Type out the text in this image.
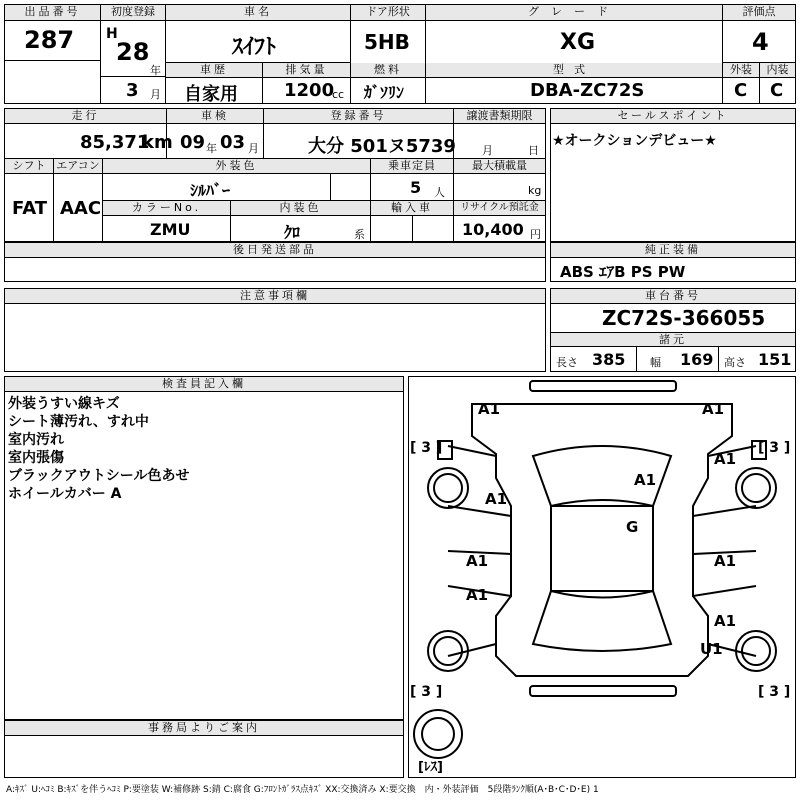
出品番号
287
初度登録
H
28
年
3 月
車名
ｽｲﾌﾄ
車歴	排気量
自家用	1200
cc
ドア形状
5HB
燃料
ｶﾞｿﾘﾝ
グレード
XG
型式
DBA-ZC72S
評価点
4
外装	内装
C C
走行
85,371
km
車検
09 年 03 月
登録番号
大分 501ヌ5739
譲渡書類期限
月	日
シフト
FAT
エアコン
AAC
外装色
ｼﾙﾊﾞｰ
乗車定員
5 人
最大積載量
kg
カラーNo.
ZMU
内装色
ｸﾛ	系
輸入車	リサイクル預託金
10,400 円
セールスポイント
★オークションデビュー★
後日発送部品	純正装備
ABS ｴｱB PS PW
注意事項欄	車台番号
ZC72S-366055
諸元
長さ 385 幅 169 高さ 151
検査員記入欄
外装うすい線キズ
シート薄汚れ、すれ中
室内汚れ
室内張傷
ブラックアウトシール色あせ
ホイールカバー A
事務局よりご案内
A1	A1
A1
A1
A1
G
A1	A1
A1
A1
U1
[ 3 ]	[ 3 ]
[ 3 ]	[ 3 ]
[ﾚｽ]
A:ｷｽﾞ U:ﾍｺﾐ B:ｷｽﾞを伴うﾍｺﾐ P:要塗装 W:補修跡 S:錆 C:腐食 G:ﾌﾛﾝﾄｶﾞﾗｽ点ｷｽﾞ XX:交換済み X:要交換　内・外装評価　5段階ﾗﾝｸ順(A･B･C･D･E) 1
